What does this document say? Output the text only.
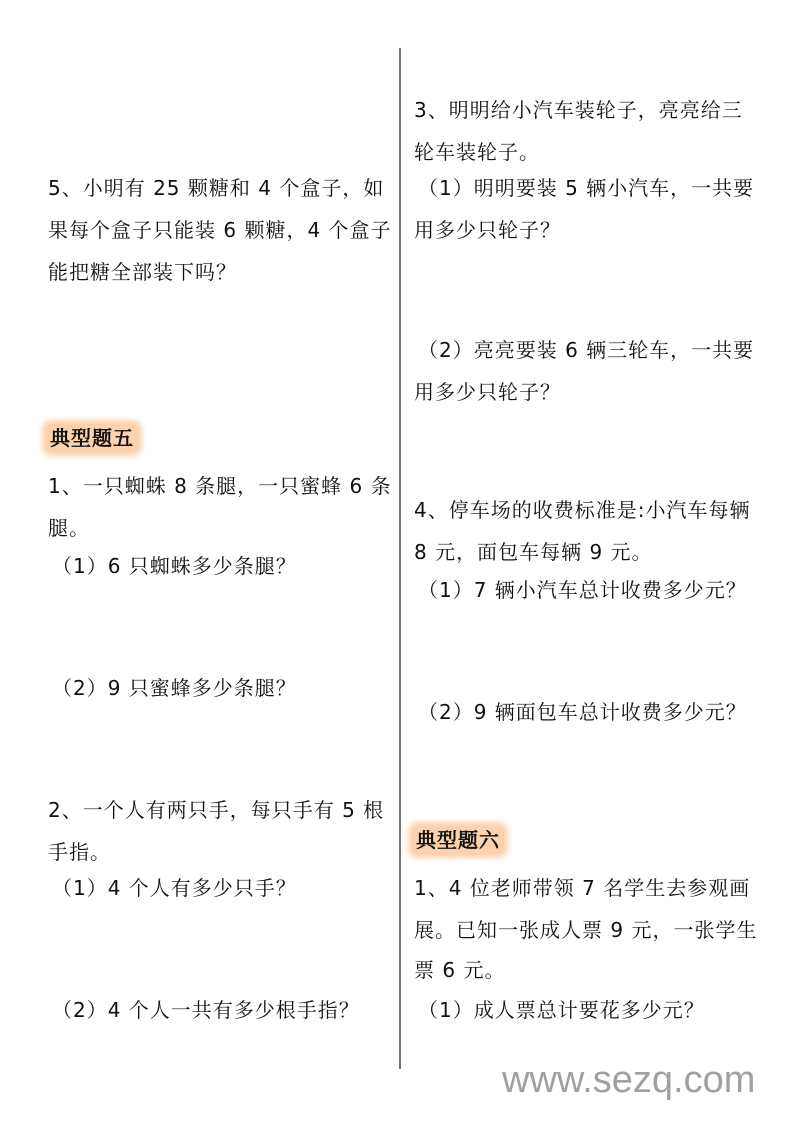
5、小明有 25 颗糖和 4 个盒子，如
果每个盒子只能装 6 颗糖，4 个盒子
能把糖全部装下吗？
典型题五
1、一只蜘蛛 8 条腿，一只蜜蜂 6 条
腿。
（1）6 只蜘蛛多少条腿？
（2）9 只蜜蜂多少条腿？
2、一个人有两只手，每只手有 5 根
手指。
（1）4 个人有多少只手？
（2）4 个人一共有多少根手指？
3、明明给小汽车装轮子，亮亮给三
轮车装轮子。
（1）明明要装 5 辆小汽车，一共要
用多少只轮子？
（2）亮亮要装 6 辆三轮车，一共要
用多少只轮子？
4、停车场的收费标准是:小汽车每辆
8 元，面包车每辆 9 元。
（1）7 辆小汽车总计收费多少元？
（2）9 辆面包车总计收费多少元？
典型题六
1、4 位老师带领 7 名学生去参观画
展。已知一张成人票 9 元，一张学生
票 6 元。
（1）成人票总计要花多少元？
www.sezq.com
